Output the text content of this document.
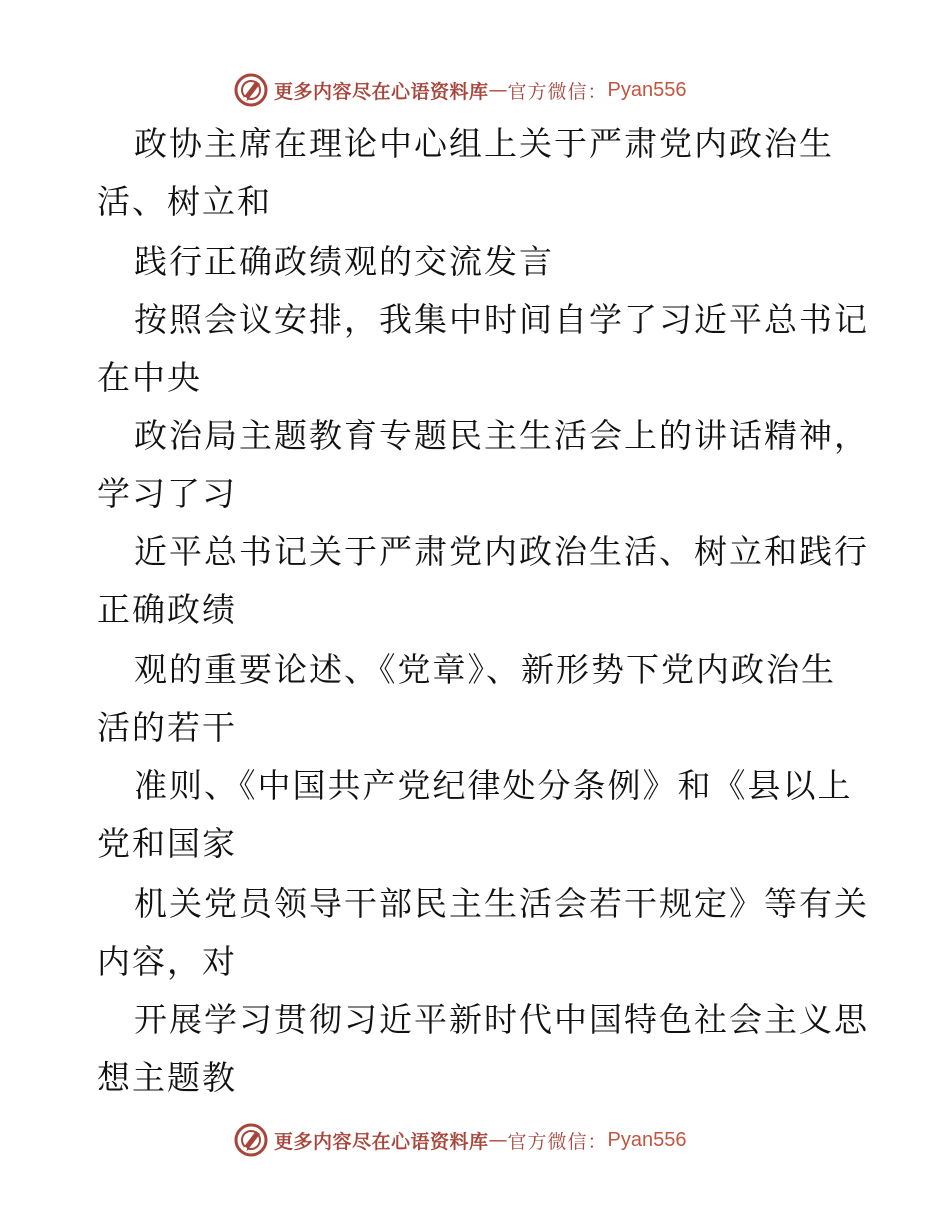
更多内容尽在心语资料库 — 官方微信： Pyan556
政协主席在理论中心组上关于严肃党内政治生
活、树立和
践行正确政绩观的交流发言
按照会议安排，我集中时间自学了习近平总书记
在中央
政治局主题教育专题民主生活会上的讲话精神，
学习了习
近平总书记关于严肃党内政治生活、树立和践行
正确政绩
观的重要论述、《党章》、新形势下党内政治生
活的若干
准则、《中国共产党纪律处分条例》和《县以上
党和国家
机关党员领导干部民主生活会若干规定》等有关
内容，对
开展学习贯彻习近平新时代中国特色社会主义思
想主题教
更多内容尽在心语资料库 — 官方微信： Pyan556
